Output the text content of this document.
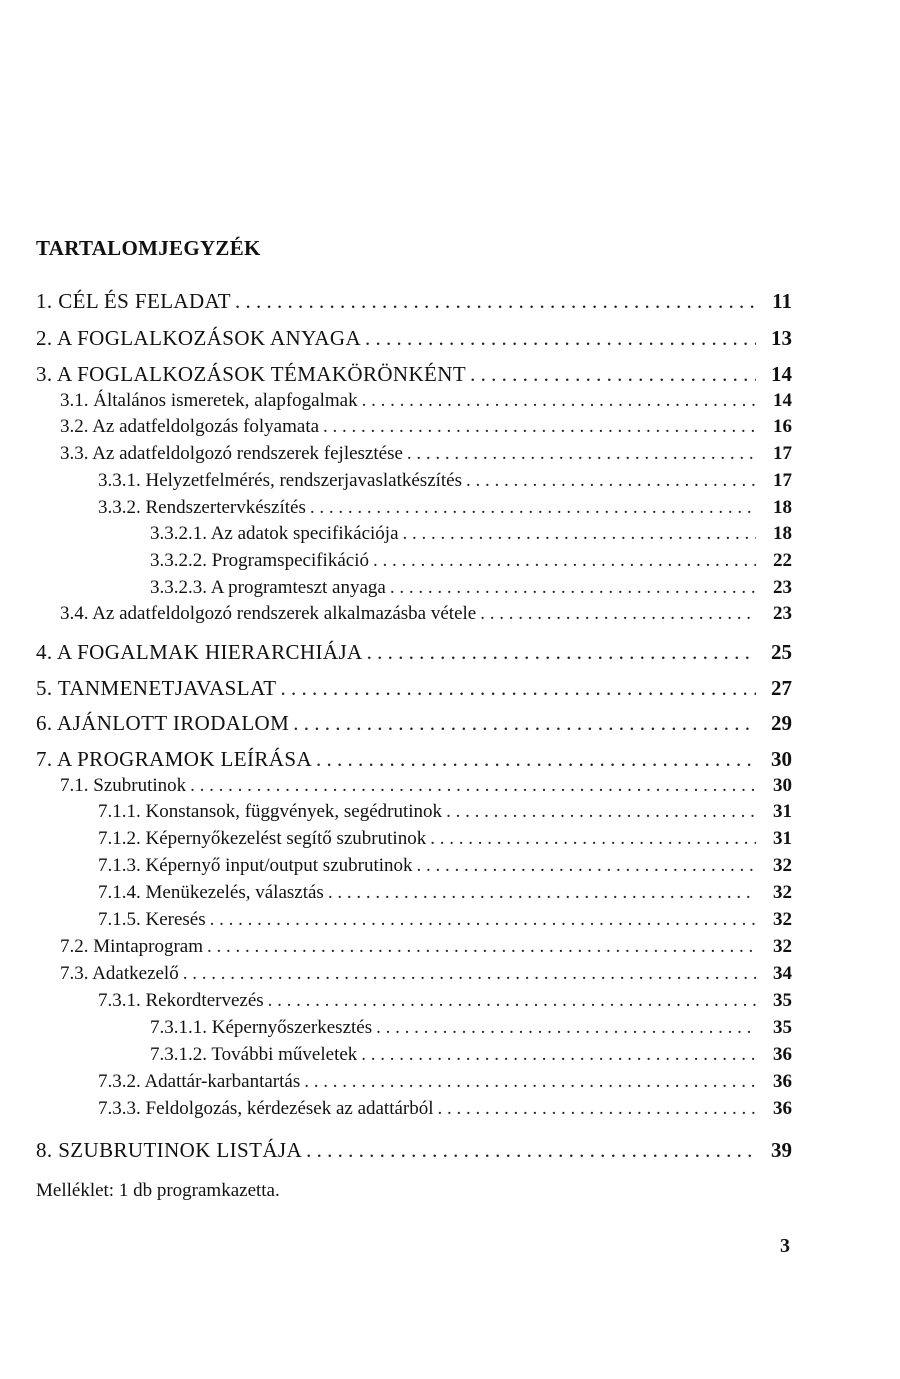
TARTALOMJEGYZÉK
1. CÉL ÉS FELADAT . . .	11
2. A FOGLALKOZÁSOK ANYAGA . . .	13
3. A FOGLALKOZÁSOK TÉMAKÖRÖNKÉNT . . .	14
3.1. Általános ismeretek, alapfogalmak . . .	14
3.2. Az adatfeldolgozás folyamata . . .	16
3.3. Az adatfeldolgozó rendszerek fejlesztése . . .	17
3.3.1. Helyzetfelmérés, rendszerjavaslatkészítés . . .	17
3.3.2. Rendszertervkészítés . . .	18
3.3.2.1. Az adatok specifikációja . . .	18
3.3.2.2. Programspecifikáció . . .	22
3.3.2.3. A programteszt anyaga . . .	23
3.4. Az adatfeldolgozó rendszerek alkalmazásba vétele . . .	23
4. A FOGALMAK HIERARCHIÁJA . . .	25
5. TANMENETJAVASLAT . . .	27
6. AJÁNLOTT IRODALOM . . .	29
7. A PROGRAMOK LEÍRÁSA . . .	30
7.1. Szubrutinok . . .	30
7.1.1. Konstansok, függvények, segédrutinok . . .	31
7.1.2. Képernyőkezelést segítő szubrutinok . . .	31
7.1.3. Képernyő input/output szubrutinok . . .	32
7.1.4. Menükezelés, választás . . .	32
7.1.5. Keresés . . .	32
7.2. Mintaprogram . . .	32
7.3. Adatkezelő . . .	34
7.3.1. Rekordtervezés . . .	35
7.3.1.1. Képernyőszerkesztés . . .	35
7.3.1.2. További műveletek . . .	36
7.3.2. Adattár-karbantartás . . .	36
7.3.3. Feldolgozás, kérdezések az adattárból . . .	36
8. SZUBRUTINOK LISTÁJA . . .	39

Melléklet: 1 db programkazetta.

3
